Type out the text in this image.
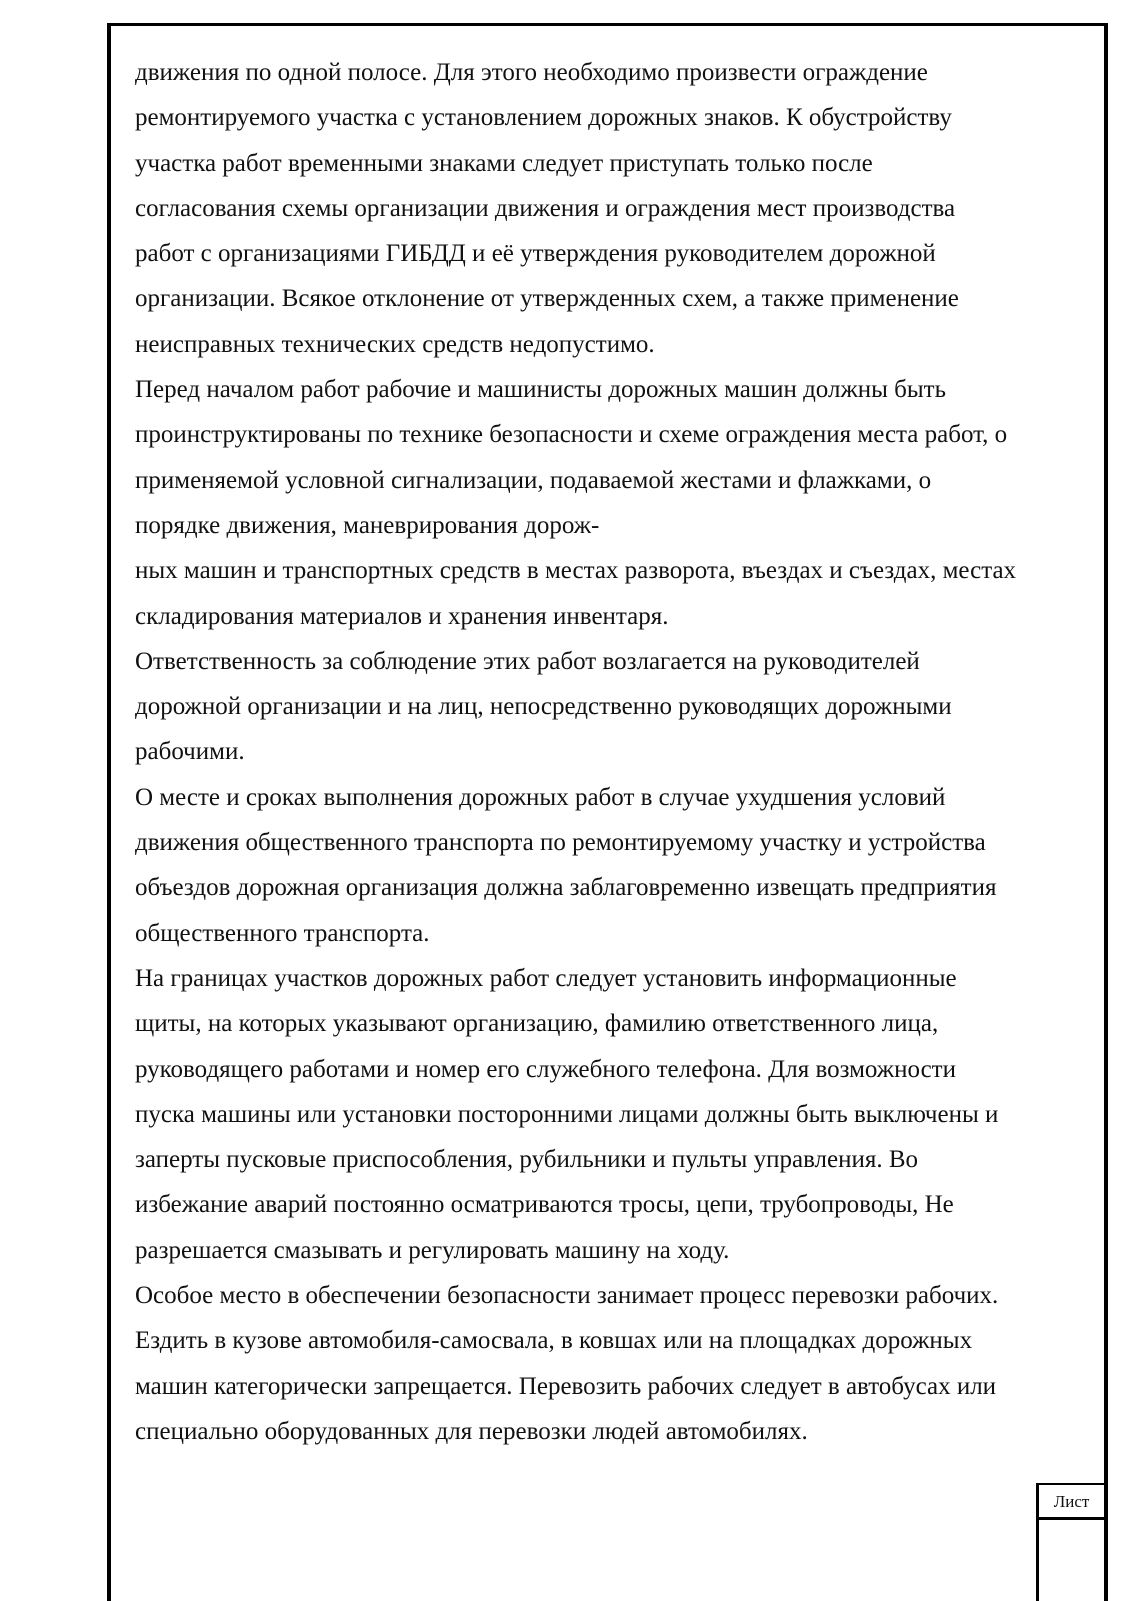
движения по одной полосе. Для этого необходимо произвести ограждение
ремонтируемого участка с установлением дорожных знаков. К обустройству
участка работ временными знаками следует приступать только после
согласования схемы организации движения и ограждения мест производства
работ с организациями ГИБДД и её утверждения руководителем дорожной
организации. Всякое отклонение от утвержденных схем, а также применение
неисправных технических средств недопустимо.
Перед началом работ рабочие и машинисты дорожных машин должны быть
проинструктированы по технике безопасности и схеме ограждения места работ, о
применяемой условной сигнализации, подаваемой жестами и флажками, о
порядке движения, маневрирования дорож-
ных машин и транспортных средств в местах разворота, въездах и съездах, местах
складирования материалов и хранения инвентаря.
Ответственность за соблюдение этих работ возлагается на руководителей
дорожной организации и на лиц, непосредственно руководящих дорожными
рабочими.
О месте и сроках выполнения дорожных работ в случае ухудшения условий
движения общественного транспорта по ремонтируемому участку и устройства
объездов дорожная организация должна заблаговременно извещать предприятия
общественного транспорта.
На границах участков дорожных работ следует установить информационные
щиты, на которых указывают организацию, фамилию ответственного лица,
руководящего работами и номер его служебного телефона. Для возможности
пуска машины или установки посторонними лицами должны быть выключены и
заперты пусковые приспособления, рубильники и пульты управления. Во
избежание аварий постоянно осматриваются тросы, цепи, трубопроводы, Не
разрешается смазывать и регулировать машину на ходу.
Особое место в обеспечении безопасности занимает процесс перевозки рабочих.
Ездить в кузове автомобиля-самосвала, в ковшах или на площадках дорожных
машин категорически запрещается. Перевозить рабочих следует в автобусах или
специально оборудованных для перевозки людей автомобилях.
Лист
